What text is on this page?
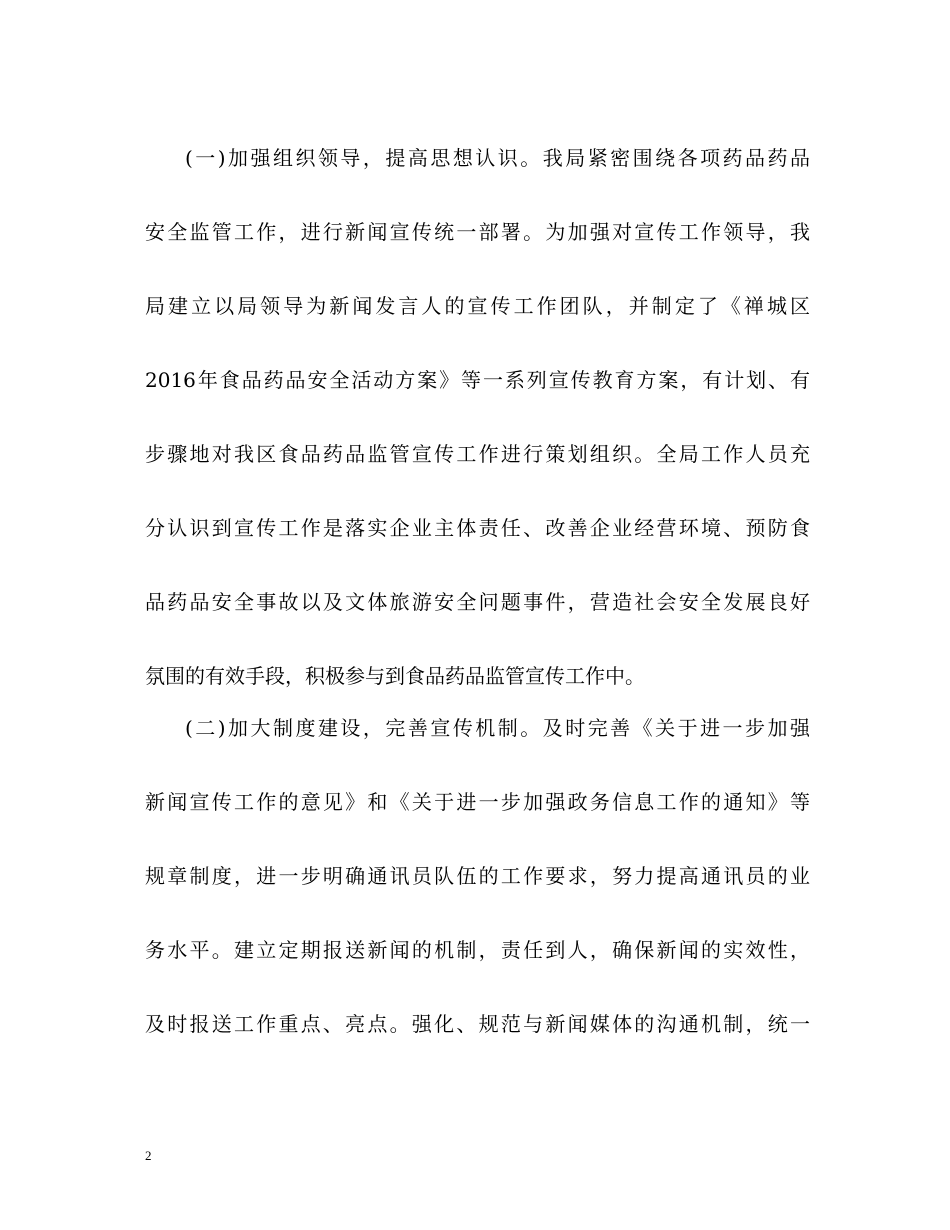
(一)加强组织领导，提高思想认识。我局紧密围绕各项药品药品
安全监管工作，进行新闻宣传统一部署。为加强对宣传工作领导，我
局建立以局领导为新闻发言人的宣传工作团队，并制定了《禅城区
2016年食品药品安全活动方案》等一系列宣传教育方案，有计划、有
步骤地对我区食品药品监管宣传工作进行策划组织。全局工作人员充
分认识到宣传工作是落实企业主体责任、改善企业经营环境、预防食
品药品安全事故以及文体旅游安全问题事件，营造社会安全发展良好
氛围的有效手段，积极参与到食品药品监管宣传工作中。
(二)加大制度建设，完善宣传机制。及时完善《关于进一步加强
新闻宣传工作的意见》和《关于进一步加强政务信息工作的通知》等
规章制度，进一步明确通讯员队伍的工作要求，努力提高通讯员的业
务水平。建立定期报送新闻的机制，责任到人，确保新闻的实效性，
及时报送工作重点、亮点。强化、规范与新闻媒体的沟通机制，统一
2
